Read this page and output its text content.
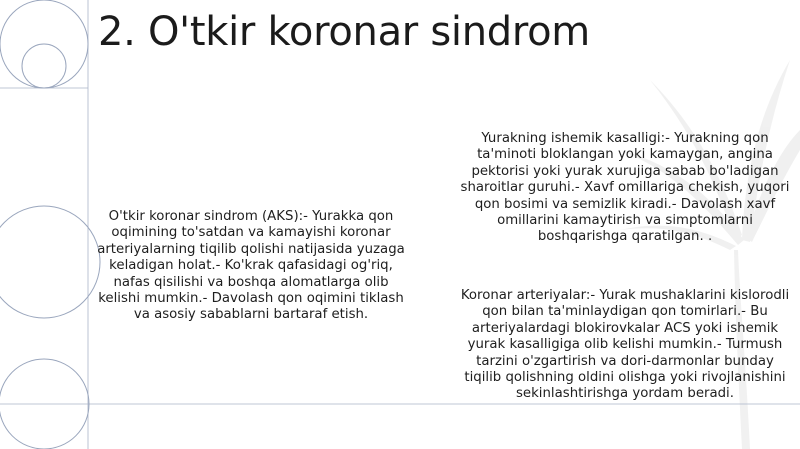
2. O'tkir koronar sindrom
O'tkir koronar sindrom (AKS):- Yurakka qon oqimining to'satdan va kamayishi koronar arteriyalarning tiqilib qolishi natijasida yuzaga keladigan holat.- Ko'krak qafasidagi og'riq, nafas qisilishi va boshqa alomatlarga olib kelishi mumkin.- Davolash qon oqimini tiklash va asosiy sabablarni bartaraf etish.
Yurakning ishemik kasalligi:- Yurakning qon ta'minoti bloklangan yoki kamaygan, angina pektorisi yoki yurak xurujiga sabab bo'ladigan sharoitlar guruhi.- Xavf omillariga chekish, yuqori qon bosimi va semizlik kiradi.- Davolash xavf omillarini kamaytirish va simptomlarni boshqarishga qaratilgan. .
Koronar arteriyalar:- Yurak mushaklarini kislorodli qon bilan ta'minlaydigan qon tomirlari.- Bu arteriyalardagi blokirovkalar ACS yoki ishemik yurak kasalligiga olib kelishi mumkin.- Turmush tarzini o'zgartirish va dori-darmonlar bunday tiqilib qolishning oldini olishga yoki rivojlanishini sekinlashtirishga yordam beradi.
